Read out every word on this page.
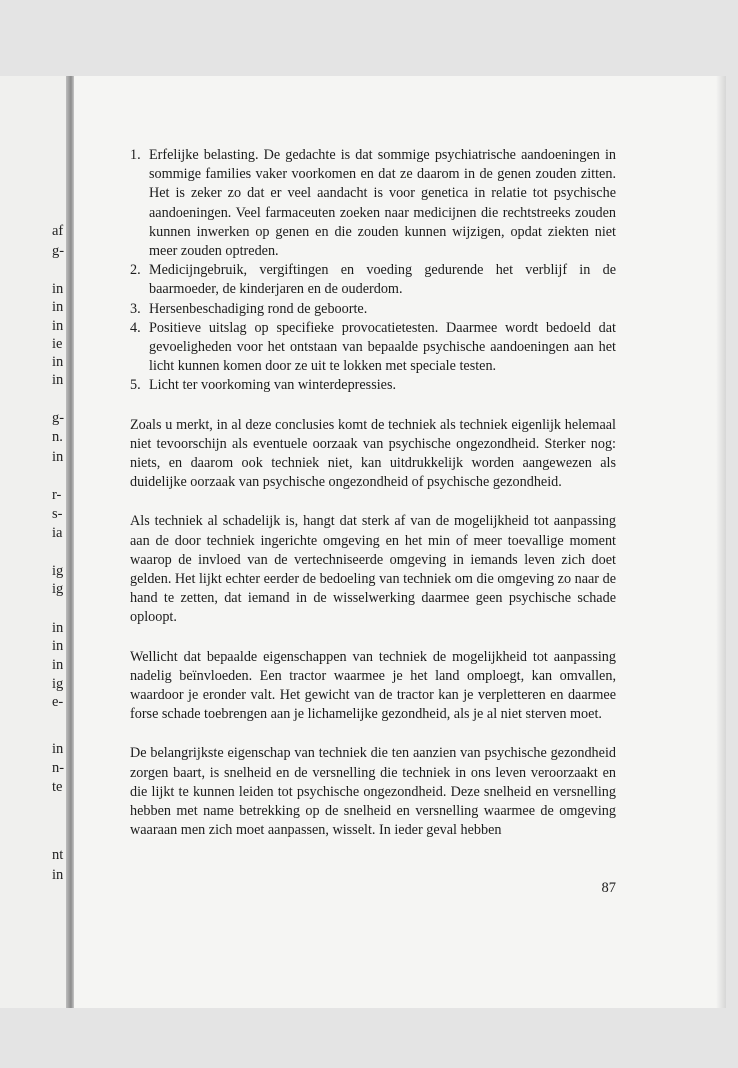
af
g-
in
in
in
ie
in
in
g-
n.
in
r-
s-
ia
ig
ig
in
in
in
ig
e-
in
n-
te
nt
in
1. Erfelijke belasting. De gedachte is dat sommige psychiatrische aandoeningen in sommige families vaker voorkomen en dat ze daarom in de genen zouden zitten. Het is zeker zo dat er veel aandacht is voor genetica in relatie tot psychische aandoeningen. Veel farmaceuten zoeken naar medicijnen die rechtstreeks zouden kunnen inwerken op genen en die zouden kunnen wijzigen, opdat ziekten niet meer zouden optreden.
2. Medicijngebruik, vergiftingen en voeding gedurende het verblijf in de baarmoeder, de kinderjaren en de ouderdom.
3. Hersenbeschadiging rond de geboorte.
4. Positieve uitslag op specifieke provocatietesten. Daarmee wordt bedoeld dat gevoeligheden voor het ontstaan van bepaalde psychische aandoeningen aan het licht kunnen komen door ze uit te lokken met speciale testen.
5. Licht ter voorkoming van winterdepressies.

Zoals u merkt, in al deze conclusies komt de techniek als techniek eigenlijk helemaal niet tevoorschijn als eventuele oorzaak van psychische ongezondheid. Sterker nog: niets, en daarom ook techniek niet, kan uitdrukkelijk worden aangewezen als duidelijke oorzaak van psychische ongezondheid of psychische gezondheid.

Als techniek al schadelijk is, hangt dat sterk af van de mogelijkheid tot aanpassing aan de door techniek ingerichte omgeving en het min of meer toevallige moment waarop de invloed van de vertechniseerde omgeving in iemands leven zich doet gelden. Het lijkt echter eerder de bedoeling van techniek om die omgeving zo naar de hand te zetten, dat iemand in de wisselwerking daarmee geen psychische schade oploopt.

Wellicht dat bepaalde eigenschappen van techniek de mogelijkheid tot aanpassing nadelig beïnvloeden. Een tractor waarmee je het land omploegt, kan omvallen, waardoor je eronder valt. Het gewicht van de tractor kan je verpletteren en daarmee forse schade toebrengen aan je lichamelijke gezondheid, als je al niet sterven moet.

De belangrijkste eigenschap van techniek die ten aanzien van psychische gezondheid zorgen baart, is snelheid en de versnelling die techniek in ons leven veroorzaakt en die lijkt te kunnen leiden tot psychische ongezondheid. Deze snelheid en versnelling hebben met name betrekking op de snelheid en versnelling waarmee de omgeving waaraan men zich moet aanpassen, wisselt. In ieder geval hebben

87
